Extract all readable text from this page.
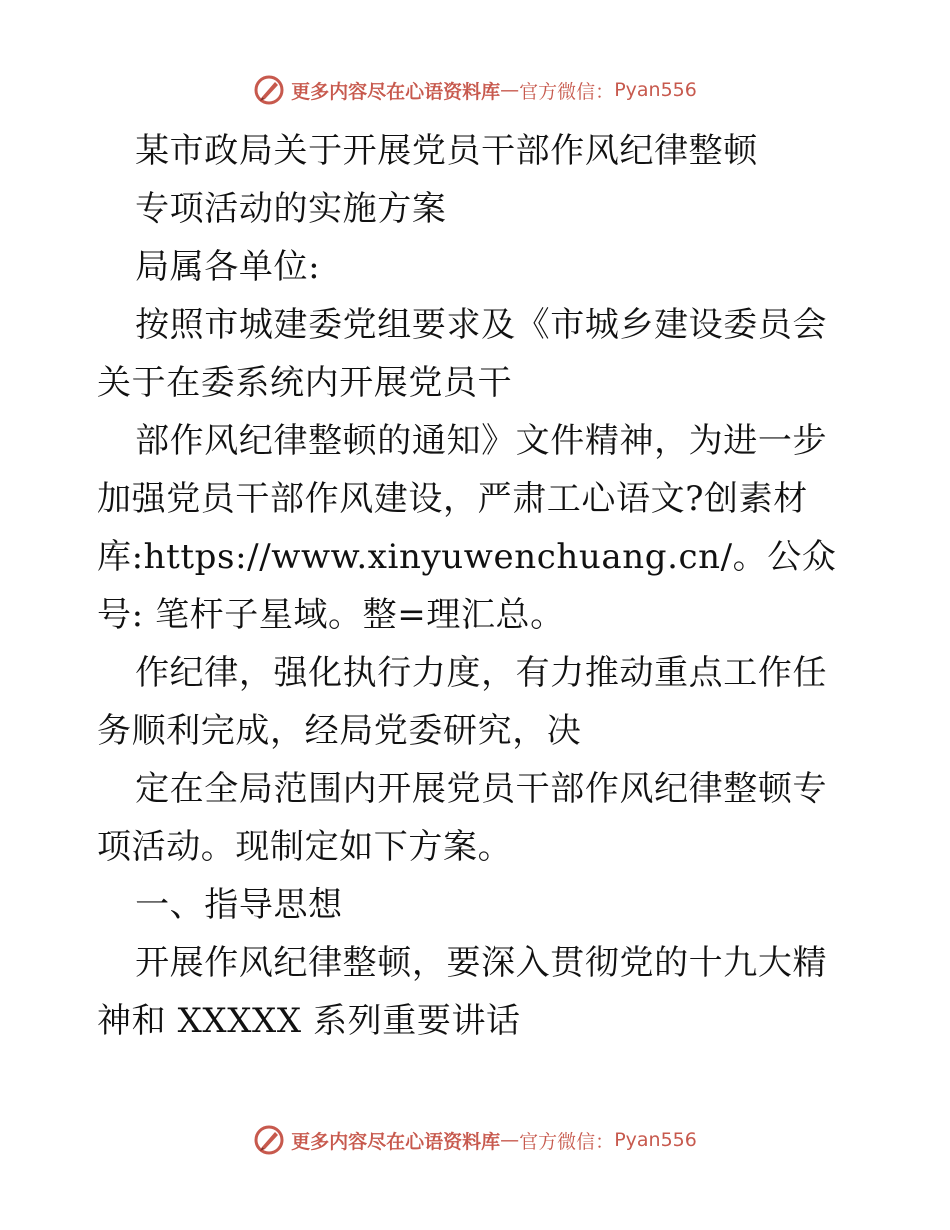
更多内容尽在心语资料库 — 官方微信： Pyan556

某市政局关于开展党员干部作风纪律整顿

专项活动的实施方案

局属各单位:

按照市城建委党组要求及《市城乡建设委员会关于在委系统内开展党员干

部作风纪律整顿的通知》文件精神，为进一步加强党员干部作风建设，严肃工心语文?创素材库:https://www.xinyuwenchuang.cn/。公众号: 笔杆子星域。整=理汇总。

作纪律，强化执行力度，有力推动重点工作任务顺利完成，经局党委研究，决

定在全局范围内开展党员干部作风纪律整顿专项活动。现制定如下方案。

一、指导思想

开展作风纪律整顿，要深入贯彻党的十九大精神和 XXXXX 系列重要讲话

更多内容尽在心语资料库 — 官方微信： Pyan556
